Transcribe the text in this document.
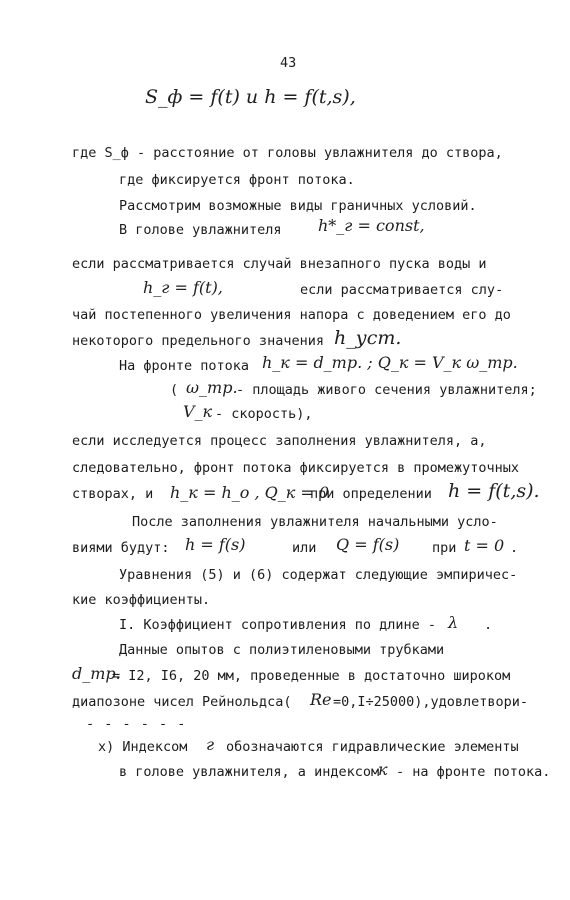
43
S_ф = f(t) и h = f(t,s),
где S_ф - расстояние от головы увлажнителя до створа,
где фиксируется фронт потока.
Рассмотрим возможные виды граничных условий.
В голове увлажнителя h*_г = const,
если рассматривается случай внезапного пуска воды и
h_г = f(t),	если рассматривается слу-
чай постепенного увеличения напора с доведением его до
некоторого предельного значения h_уст.
На фронте потока h_к = d_тр. ; Q_к = V_к ω_тр.
( ω_тр.
- площадь живого сечения увлажнителя;
V_к - скорость),
если исследуется процесс заполнения увлажнителя, а,
следовательно, фронт потока фиксируется в промежуточных
створах, и h_к = h_о , Q_к = 0
при определении h = f(t,s).
После заполнения увлажнителя начальными усло-
виями будут: h = f(s)	или Q = f(s) при t = 0 .
Уравнения (5) и (6) содержат следующие эмпиричес-
кие коэффициенты.
I. Коэффициент сопротивления по длине - λ .
Данные опытов с полиэтиленовыми трубками
d_тр.
= I2, I6, 20 мм, проведенные в достаточно широком
диапозоне чисел Рейнольдса( Re =0,I÷25000),удовлетвори-
- - - - - -
x) Индексом г обозначаются гидравлические элементы
в голове увлажнителя, а индексом
к - на фронте потока.
